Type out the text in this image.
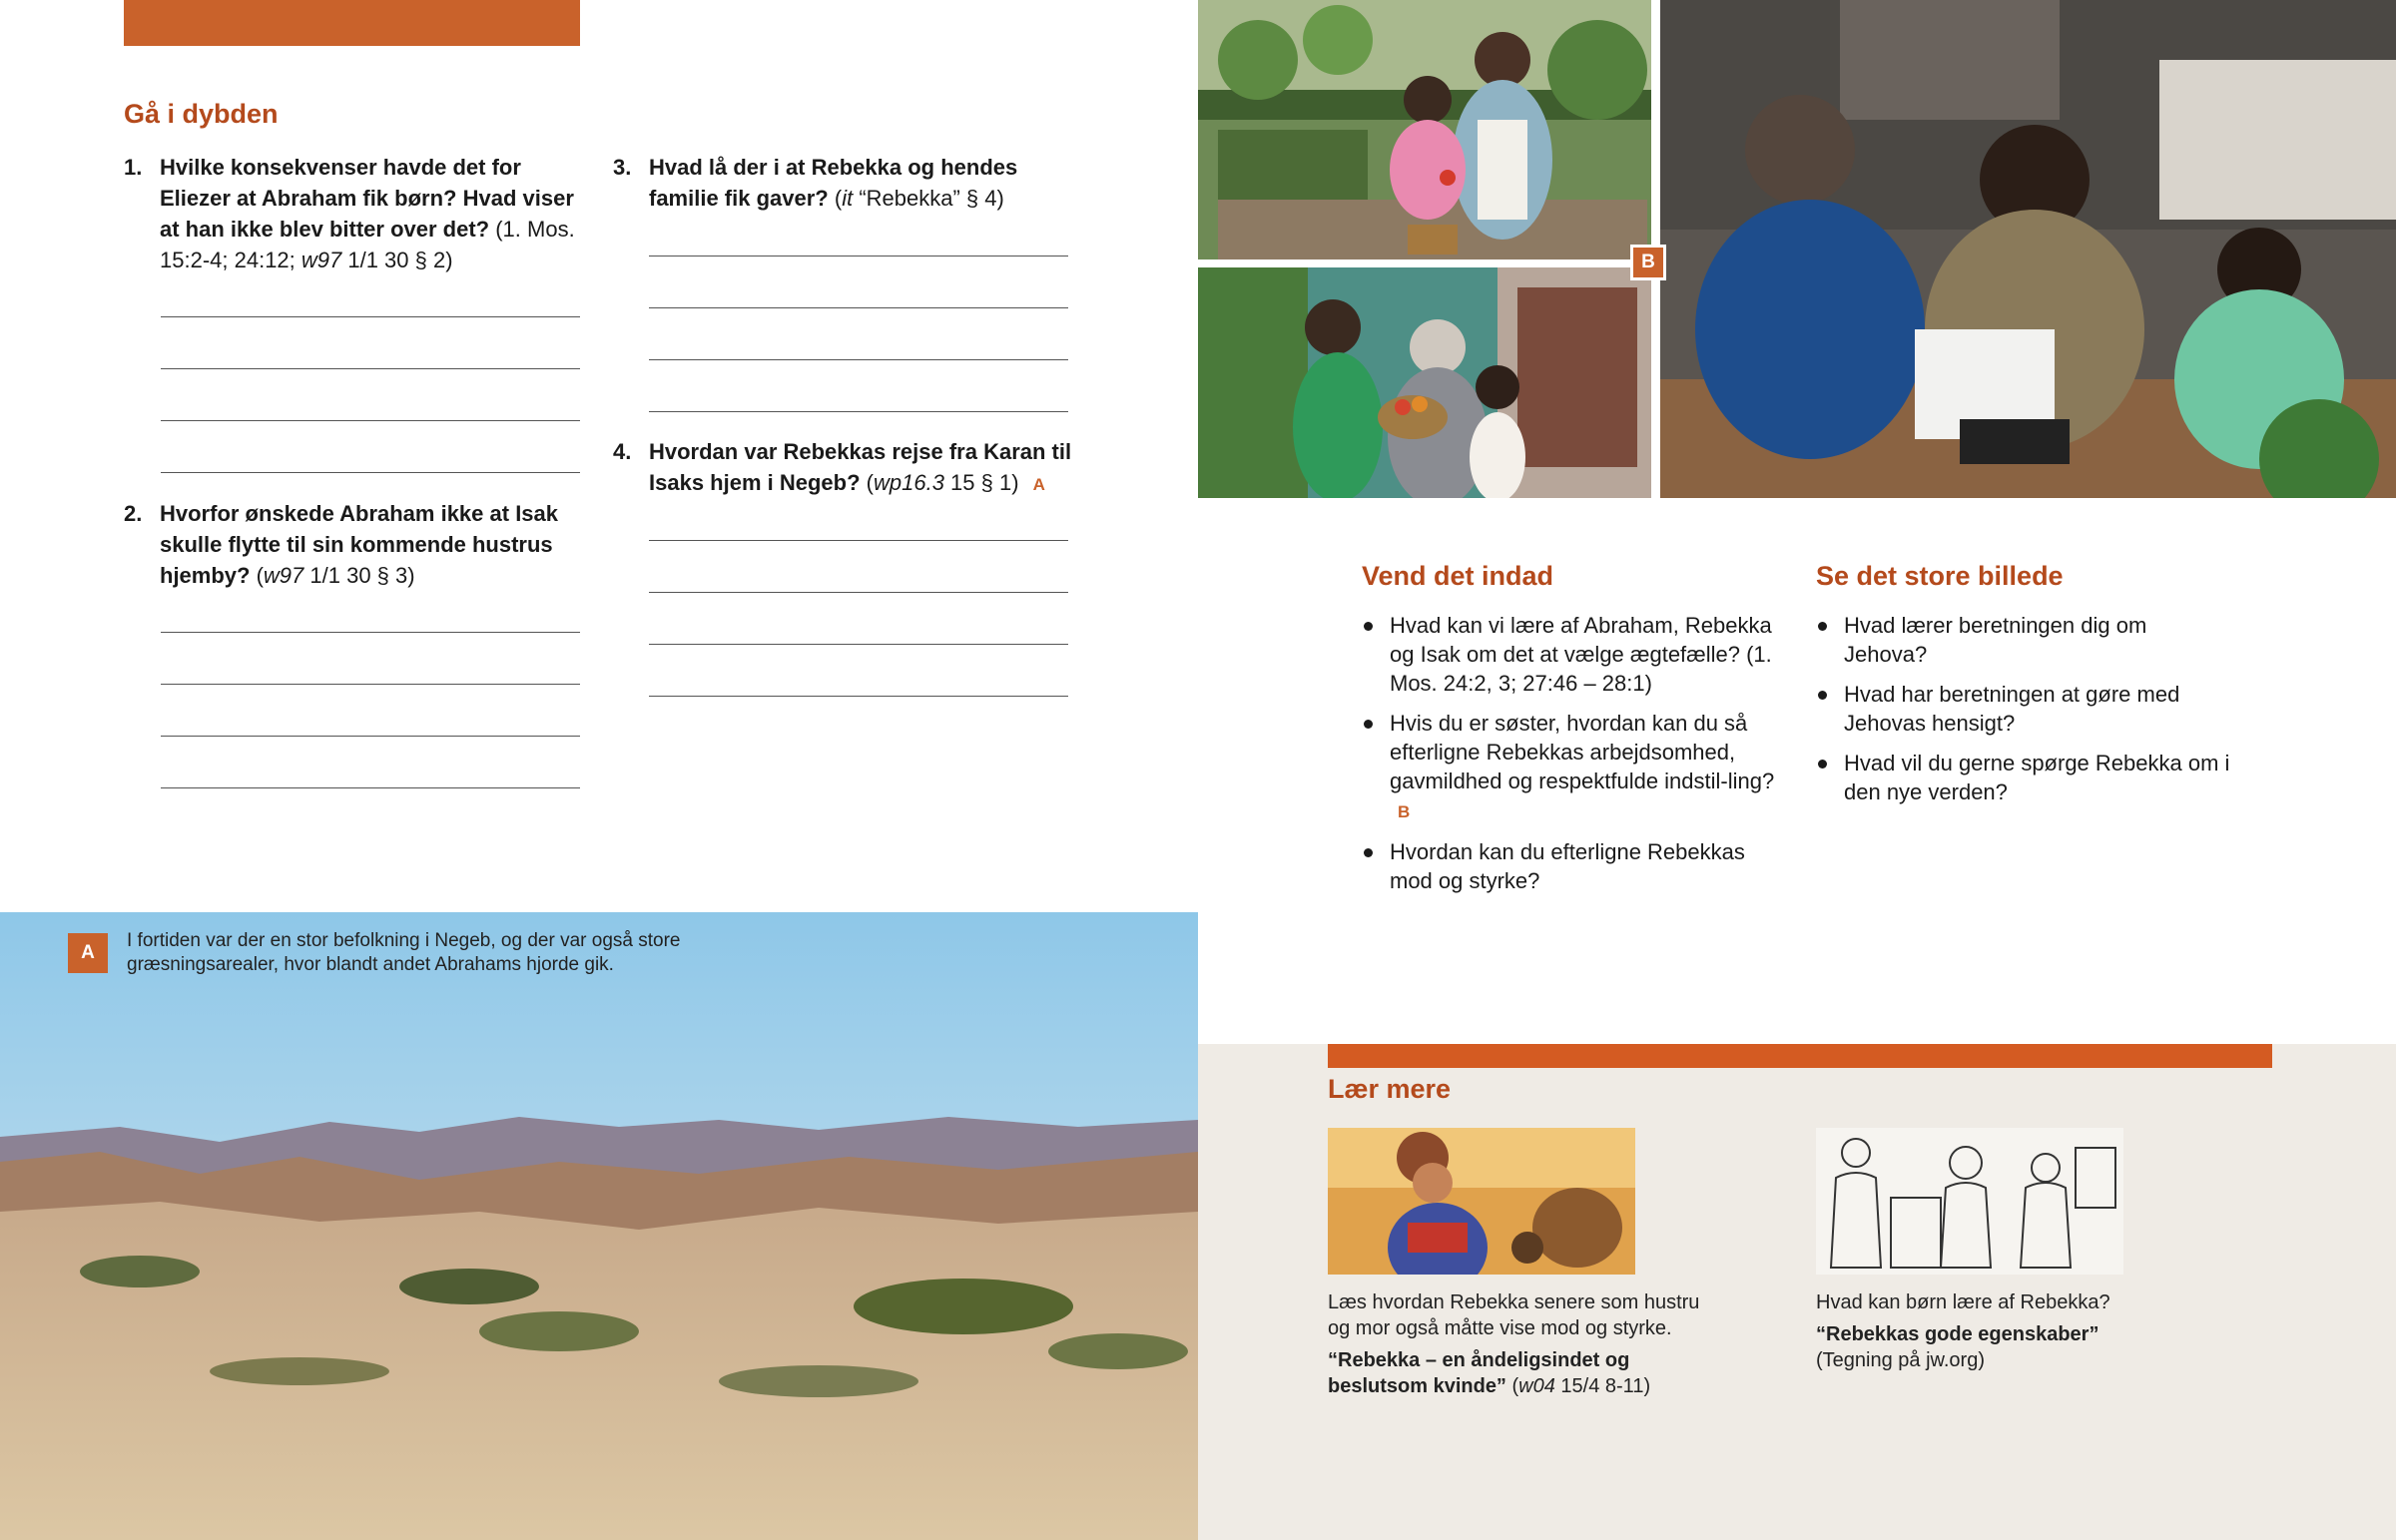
Gå i dybden
1. Hvilke konsekvenser havde det for Eliezer at Abraham fik børn? Hvad viser at han ikke blev bitter over det? (1. Mos. 15:2-4; 24:12; w97 1/1 30 § 2)
2. Hvorfor ønskede Abraham ikke at Isak skulle flytte til sin kommende hustrus hjemby? (w97 1/1 30 § 3)
3. Hvad lå der i at Rebekka og hendes familie fik gaver? (it “Rebekka” § 4)
4. Hvordan var Rebekkas rejse fra Karan til Isaks hjem i Negeb? (wp16.3 15 § 1) A
B
Vend det indad
Hvad kan vi lære af Abraham, Rebekka og Isak om det at vælge ægtefælle? (1. Mos. 24:2, 3; 27:46 – 28:1)
Hvis du er søster, hvordan kan du så efterligne Rebekkas arbejdsomhed, gavmildhed og respektfulde indstil-ling?B
Hvordan kan du efterligne Rebekkas mod og styrke?
Se det store billede
Hvad lærer beretningen dig om Jehova?
Hvad har beretningen at gøre med Jehovas hensigt?
Hvad vil du gerne spørge Rebekka om i den nye verden?
A
I fortiden var der en stor befolkning i Negeb, og der var også store græsningsarealer, hvor blandt andet Abrahams hjorde gik.
Lær mere
Læs hvordan Rebekka senere som hustru og mor også måtte vise mod og styrke.
“Rebekka – en åndeligsindet og beslutsom kvinde” (w04 15/4 8-11)
Hvad kan børn lære af Rebekka?
“Rebekkas gode egenskaber”
(Tegning på jw.org)
